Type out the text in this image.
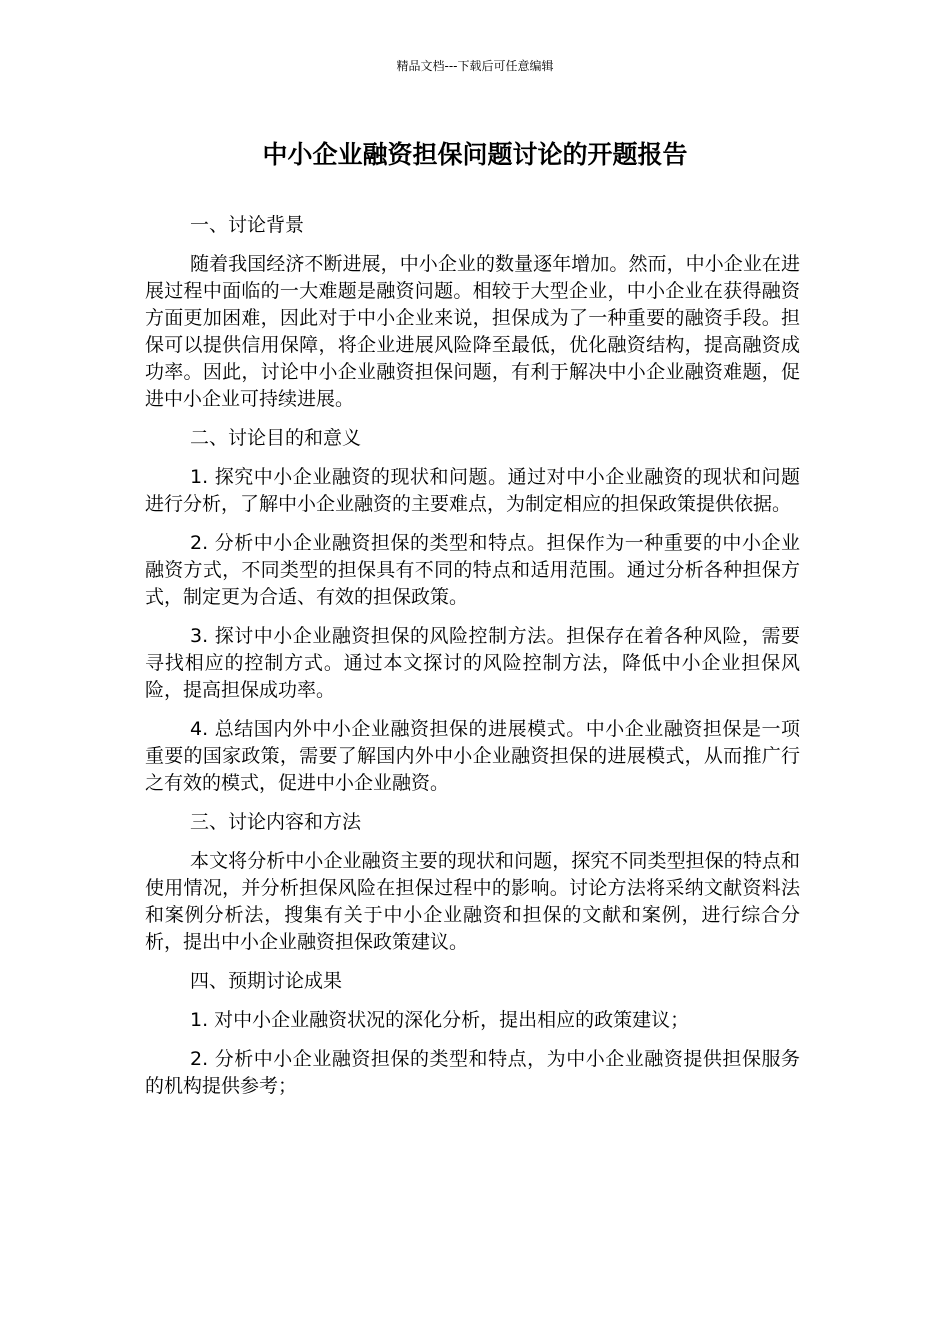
精品文档---下载后可任意编辑
中小企业融资担保问题讨论的开题报告
一、讨论背景
随着我国经济不断进展，中小企业的数量逐年增加。然而，中小企业在进展过程中面临的一大难题是融资问题。相较于大型企业，中小企业在获得融资方面更加困难，因此对于中小企业来说，担保成为了一种重要的融资手段。担保可以提供信用保障，将企业进展风险降至最低，优化融资结构，提高融资成功率。因此，讨论中小企业融资担保问题，有利于解决中小企业融资难题，促进中小企业可持续进展。
二、讨论目的和意义
1. 探究中小企业融资的现状和问题。通过对中小企业融资的现状和问题进行分析，了解中小企业融资的主要难点，为制定相应的担保政策提供依据。
2. 分析中小企业融资担保的类型和特点。担保作为一种重要的中小企业融资方式，不同类型的担保具有不同的特点和适用范围。通过分析各种担保方式，制定更为合适、有效的担保政策。
3. 探讨中小企业融资担保的风险控制方法。担保存在着各种风险，需要寻找相应的控制方式。通过本文探讨的风险控制方法，降低中小企业担保风险，提高担保成功率。
4. 总结国内外中小企业融资担保的进展模式。中小企业融资担保是一项重要的国家政策，需要了解国内外中小企业融资担保的进展模式，从而推广行之有效的模式，促进中小企业融资。
三、讨论内容和方法
本文将分析中小企业融资主要的现状和问题，探究不同类型担保的特点和使用情况，并分析担保风险在担保过程中的影响。讨论方法将采纳文献资料法和案例分析法，搜集有关于中小企业融资和担保的文献和案例，进行综合分析，提出中小企业融资担保政策建议。
四、预期讨论成果
1. 对中小企业融资状况的深化分析，提出相应的政策建议；
2. 分析中小企业融资担保的类型和特点，为中小企业融资提供担保服务的机构提供参考；
